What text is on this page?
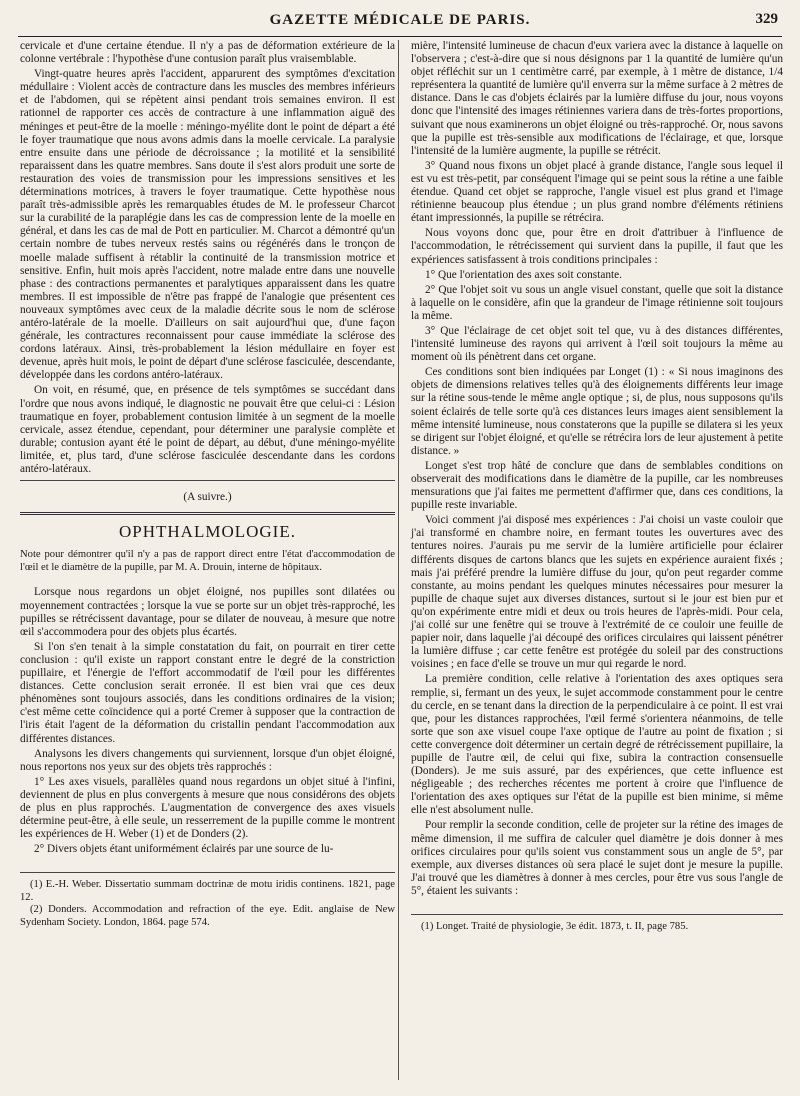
GAZETTE MÉDICALE DE PARIS.	329

cervicale et d'une certaine étendue. Il n'y a pas de déformation extérieure de la colonne vertébrale : l'hypothèse d'une contusion paraît plus vraisemblable.

Vingt-quatre heures après l'accident, apparurent des symptômes d'excitation médullaire : Violent accès de contracture dans les muscles des membres inférieurs et de l'abdomen, qui se répètent ainsi pendant trois semaines environ. Il est rationnel de rapporter ces accès de contracture à une inflammation aiguë des méninges et peut-être de la moelle : méningo-myélite dont le point de départ a été le foyer traumatique que nous avons admis dans la moelle cervicale. La paralysie entre ensuite dans une période de décroissance ; la motilité et la sensibilité reparaissent dans les quatre membres. Sans doute il s'est alors produit une sorte de restauration des voies de transmission pour les impressions sensitives et les déterminations motrices, à travers le foyer traumatique. Cette hypothèse nous paraît très-admissible après les remarquables études de M. le professeur Charcot sur la curabilité de la paraplégie dans les cas de compression lente de la moelle en général, et dans les cas de mal de Pott en particulier. M. Charcot a démontré qu'un certain nombre de tubes nerveux restés sains ou régénérés dans le tronçon de moelle malade suffisent à rétablir la continuité de la transmission motrice et sensitive. Enfin, huit mois après l'accident, notre malade entre dans une nouvelle phase : des contractions permanentes et paralytiques apparaissent dans les quatre membres. Il est impossible de n'être pas frappé de l'analogie que présentent ces nouveaux symptômes avec ceux de la maladie décrite sous le nom de sclérose antéro-latérale de la moelle. D'ailleurs on sait aujourd'hui que, d'une façon générale, les contractures reconnaissent pour cause immédiate la sclérose des cordons latéraux. Ainsi, très-probablement la lésion médullaire en foyer est devenue, après huit mois, le point de départ d'une sclérose fasciculée, descendante, développée dans les cordons antéro-latéraux.

On voit, en résumé, que, en présence de tels symptômes se succédant dans l'ordre que nous avons indiqué, le diagnostic ne pouvait être que celui-ci : Lésion traumatique en foyer, probablement contusion limitée à un segment de la moelle cervicale, assez étendue, cependant, pour déterminer une paralysie complète et durable; contusion ayant été le point de départ, au début, d'une méningo-myélite limitée, et, plus tard, d'une sclérose fasciculée descendante dans les cordons antéro-latéraux.

(A suivre.)

OPHTHALMOLOGIE.

Note pour démontrer qu'il n'y a pas de rapport direct entre l'état d'accommodation de l'œil et le diamètre de la pupille, par M. A. Drouin, interne de hôpitaux.

Lorsque nous regardons un objet éloigné, nos pupilles sont dilatées ou moyennement contractées ; lorsque la vue se porte sur un objet très-rapproché, les pupilles se rétrécissent davantage, pour se dilater de nouveau, à mesure que notre œil s'accommodera pour des objets plus écartés.

Si l'on s'en tenait à la simple constatation du fait, on pourrait en tirer cette conclusion : qu'il existe un rapport constant entre le degré de la constriction pupillaire, et l'énergie de l'effort accommodatif de l'œil pour les différentes distances. Cette conclusion serait erronée. Il est bien vrai que ces deux phénomènes sont toujours associés, dans les conditions ordinaires de la vision; c'est même cette coïncidence qui a porté Cremer à supposer que la contraction de l'iris était l'agent de la déformation du cristallin pendant l'accommodation aux différentes distances.

Analysons les divers changements qui surviennent, lorsque d'un objet éloigné, nous reportons nos yeux sur des objets très rapprochés :

1° Les axes visuels, parallèles quand nous regardons un objet situé à l'infini, deviennent de plus en plus convergents à mesure que nous considérons des objets de plus en plus rapprochés. L'augmentation de convergence des axes visuels détermine peut-être, à elle seule, un resserrement de la pupille comme le montrent les expériences de H. Weber (1) et de Donders (2).

2° Divers objets étant uniformément éclairés par une source de lu-

(1) E.-H. Weber. Dissertatio summam doctrinæ de motu iridis continens. 1821, page 12.

(2) Donders. Accommodation and refraction of the eye. Edit. anglaise de New Sydenham Society. London, 1864. page 574.

mière, l'intensité lumineuse de chacun d'eux variera avec la distance à laquelle on l'observera ; c'est-à-dire que si nous désignons par 1 la quantité de lumière qu'un objet réfléchit sur un 1 centimètre carré, par exemple, à 1 mètre de distance, 1/4 représentera la quantité de lumière qu'il enverra sur la même surface à 2 mètres de distance. Dans le cas d'objets éclairés par la lumière diffuse du jour, nous voyons donc que l'intensité des images rétiniennes variera dans de très-fortes proportions, suivant que nous examinerons un objet éloigné ou très-rapproché. Or, nous savons que la pupille est très-sensible aux modifications de l'éclairage, et que, lorsque l'intensité de la lumière augmente, la pupille se rétrécit.

3° Quand nous fixons un objet placé à grande distance, l'angle sous lequel il est vu est très-petit, par conséquent l'image qui se peint sous la rétine a une faible étendue. Quand cet objet se rapproche, l'angle visuel est plus grand et l'image rétinienne beaucoup plus étendue ; un plus grand nombre d'éléments rétiniens étant impressionnés, la pupille se rétrécira.

Nous voyons donc que, pour être en droit d'attribuer à l'influence de l'accommodation, le rétrécissement qui survient dans la pupille, il faut que les expériences satisfassent à trois conditions principales :

1° Que l'orientation des axes soit constante.

2° Que l'objet soit vu sous un angle visuel constant, quelle que soit la distance à laquelle on le considère, afin que la grandeur de l'image rétinienne soit toujours la même.

3° Que l'éclairage de cet objet soit tel que, vu à des distances différentes, l'intensité lumineuse des rayons qui arrivent à l'œil soit toujours la même au moment où ils pénètrent dans cet organe.

Ces conditions sont bien indiquées par Longet (1) : « Si nous imaginons des objets de dimensions relatives telles qu'à des éloignements différents leur image sur la rétine sous-tende le même angle optique ; si, de plus, nous supposons qu'ils soient éclairés de telle sorte qu'à ces distances leurs images aient sensiblement la même intensité lumineuse, nous constaterons que la pupille se dilatera si les yeux se dirigent sur l'objet éloigné, et qu'elle se rétrécira lors de leur ajustement à petite distance. »

Longet s'est trop hâté de conclure que dans de semblables conditions on observerait des modifications dans le diamètre de la pupille, car les nombreuses mensurations que j'ai faites me permettent d'affirmer que, dans ces conditions, la pupille reste invariable.

Voici comment j'ai disposé mes expériences : J'ai choisi un vaste couloir que j'ai transformé en chambre noire, en fermant toutes les ouvertures avec des tentures noires. J'aurais pu me servir de la lumière artificielle pour éclairer différents disques de cartons blancs que les sujets en expérience auraient fixés ; mais j'ai préféré prendre la lumière diffuse du jour, qu'on peut regarder comme constante, au moins pendant les quelques minutes nécessaires pour mesurer la pupille de chaque sujet aux diverses distances, surtout si le jour est bien pur et qu'on expérimente entre midi et deux ou trois heures de l'après-midi. Pour cela, j'ai collé sur une fenêtre qui se trouve à l'extrémité de ce couloir une feuille de papier noir, dans laquelle j'ai découpé des orifices circulaires qui laissent pénétrer la lumière diffuse ; car cette fenêtre est protégée du soleil par des constructions voisines ; en face d'elle se trouve un mur qui regarde le nord.

La première condition, celle relative à l'orientation des axes optiques sera remplie, si, fermant un des yeux, le sujet accommode constamment pour le centre du cercle, en se tenant dans la direction de la perpendiculaire à ce point. Il est vrai que, pour les distances rapprochées, l'œil fermé s'orientera néanmoins, de telle sorte que son axe visuel coupe l'axe optique de l'autre au point de fixation ; si cette convergence doit déterminer un certain degré de rétrécissement pupillaire, la pupille de l'autre œil, de celui qui fixe, subira la contraction consensuelle (Donders). Je me suis assuré, par des expériences, que cette influence est négligeable ; des recherches récentes me portent à croire que l'influence de l'orientation des axes optiques sur l'état de la pupille est bien minime, si même elle n'est absolument nulle.

Pour remplir la seconde condition, celle de projeter sur la rétine des images de même dimension, il me suffira de calculer quel diamètre je dois donner à mes orifices circulaires pour qu'ils soient vus constamment sous un angle de 5°, par exemple, aux diverses distances où sera placé le sujet dont je mesure la pupille. J'ai trouvé que les diamètres à donner à mes cercles, pour être vus sous l'angle de 5°, étaient les suivants :

(1) Longet. Traité de physiologie, 3e édit. 1873, t. II, page 785.
